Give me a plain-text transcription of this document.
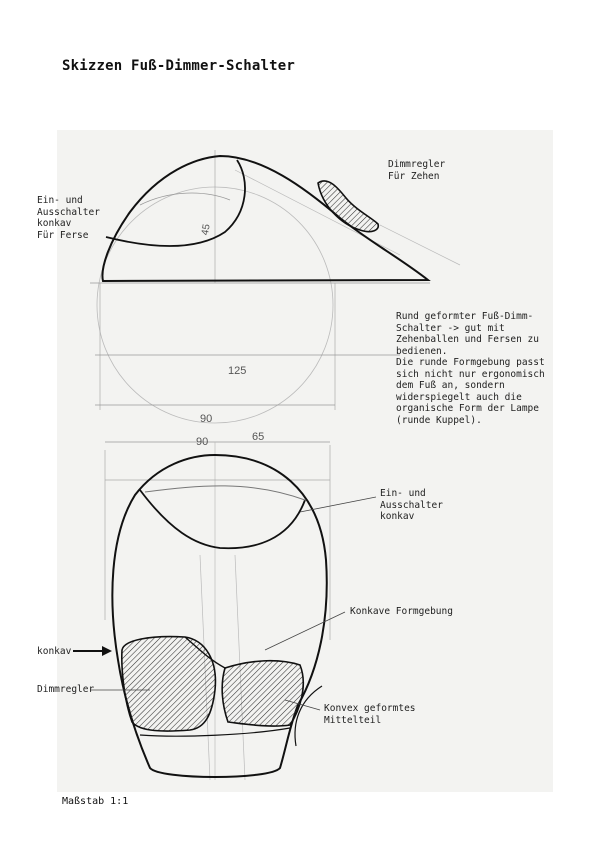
Skizzen Fuß-Dimmer-Schalter
45
125
90
90	65
Dimmregler
Für Zehen
Ein- und
Ausschalter
konkav
Für Ferse
Rund geformter Fuß-Dimm-
Schalter -> gut mit
Zehenballen und Fersen zu
bedienen.
Die runde Formgebung passt
sich nicht nur ergonomisch
dem Fuß an, sondern
widerspiegelt auch die
organische Form der Lampe
(runde Kuppel).
Ein- und
Ausschalter
konkav
Konkave Formgebung
konkav
Dimmregler
Konvex geformtes
Mittelteil
Maßstab 1:1
